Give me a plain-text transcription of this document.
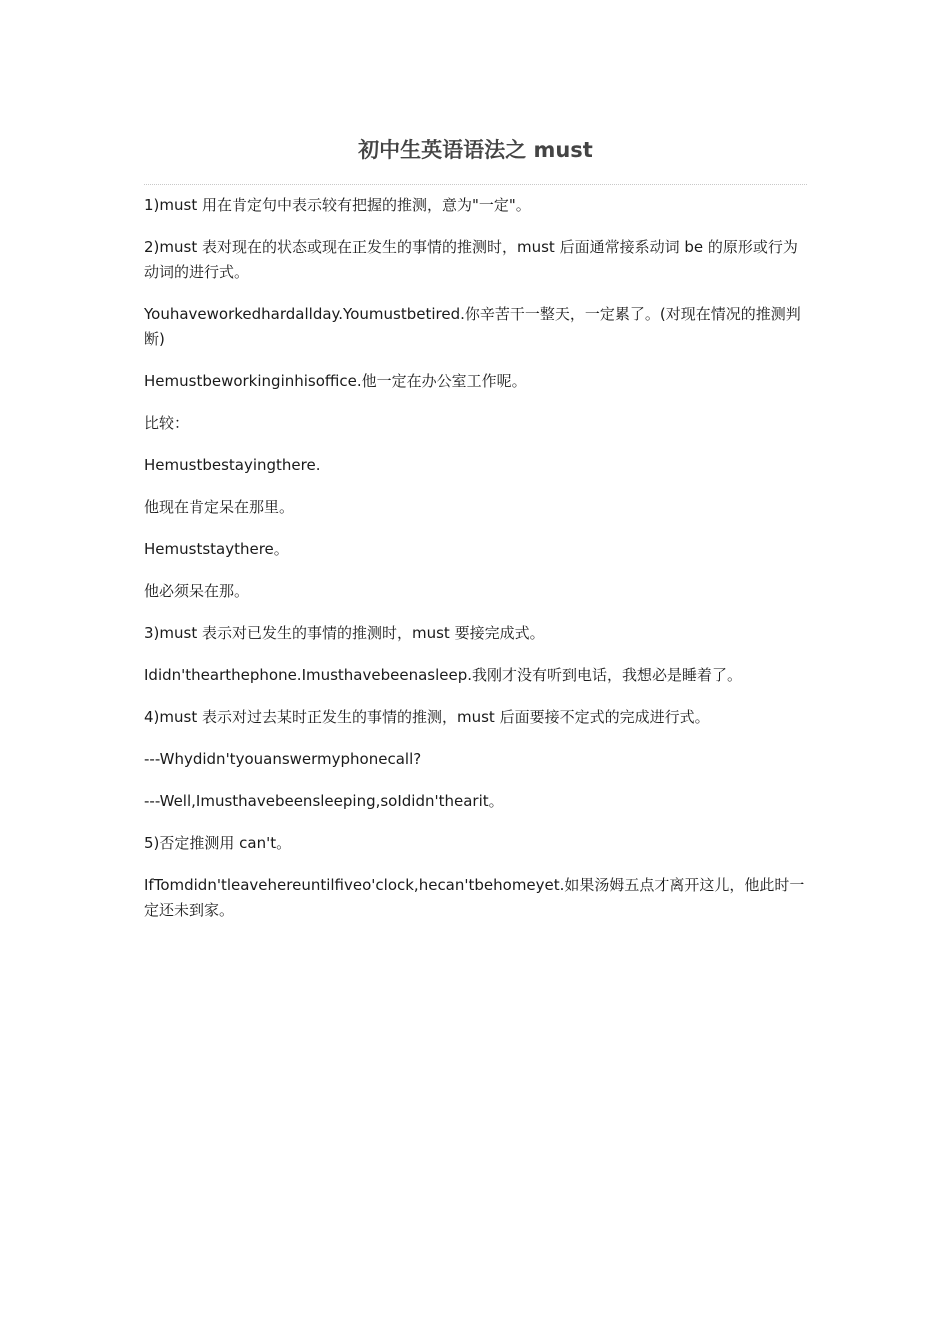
初中生英语语法之 must

1)must 用在肯定句中表示较有把握的推测，意为"一定"。

2)must 表对现在的状态或现在正发生的事情的推测时，must 后面通常接系动词 be 的原形或行为动词的进行式。

Youhaveworkedhardallday.Youmustbetired.你辛苦干一整天，一定累了。(对现在情况的推测判断)

Hemustbeworkinginhisoffice.他一定在办公室工作呢。

比较：

Hemustbestayingthere.

他现在肯定呆在那里。

Hemuststaythere。

他必须呆在那。

3)must 表示对已发生的事情的推测时，must 要接完成式。

Ididn'thearthephone.Imusthavebeenasleep.我刚才没有听到电话，我想必是睡着了。

4)must 表示对过去某时正发生的事情的推测，must 后面要接不定式的完成进行式。

---Whydidn'tyouanswermyphonecall?

---Well,Imusthavebeensleeping,soIdidn'thearit。

5)否定推测用 can't。

IfTomdidn'tleavehereuntilfiveo'clock,hecan'tbehomeyet.如果汤姆五点才离开这儿，他此时一定还未到家。
